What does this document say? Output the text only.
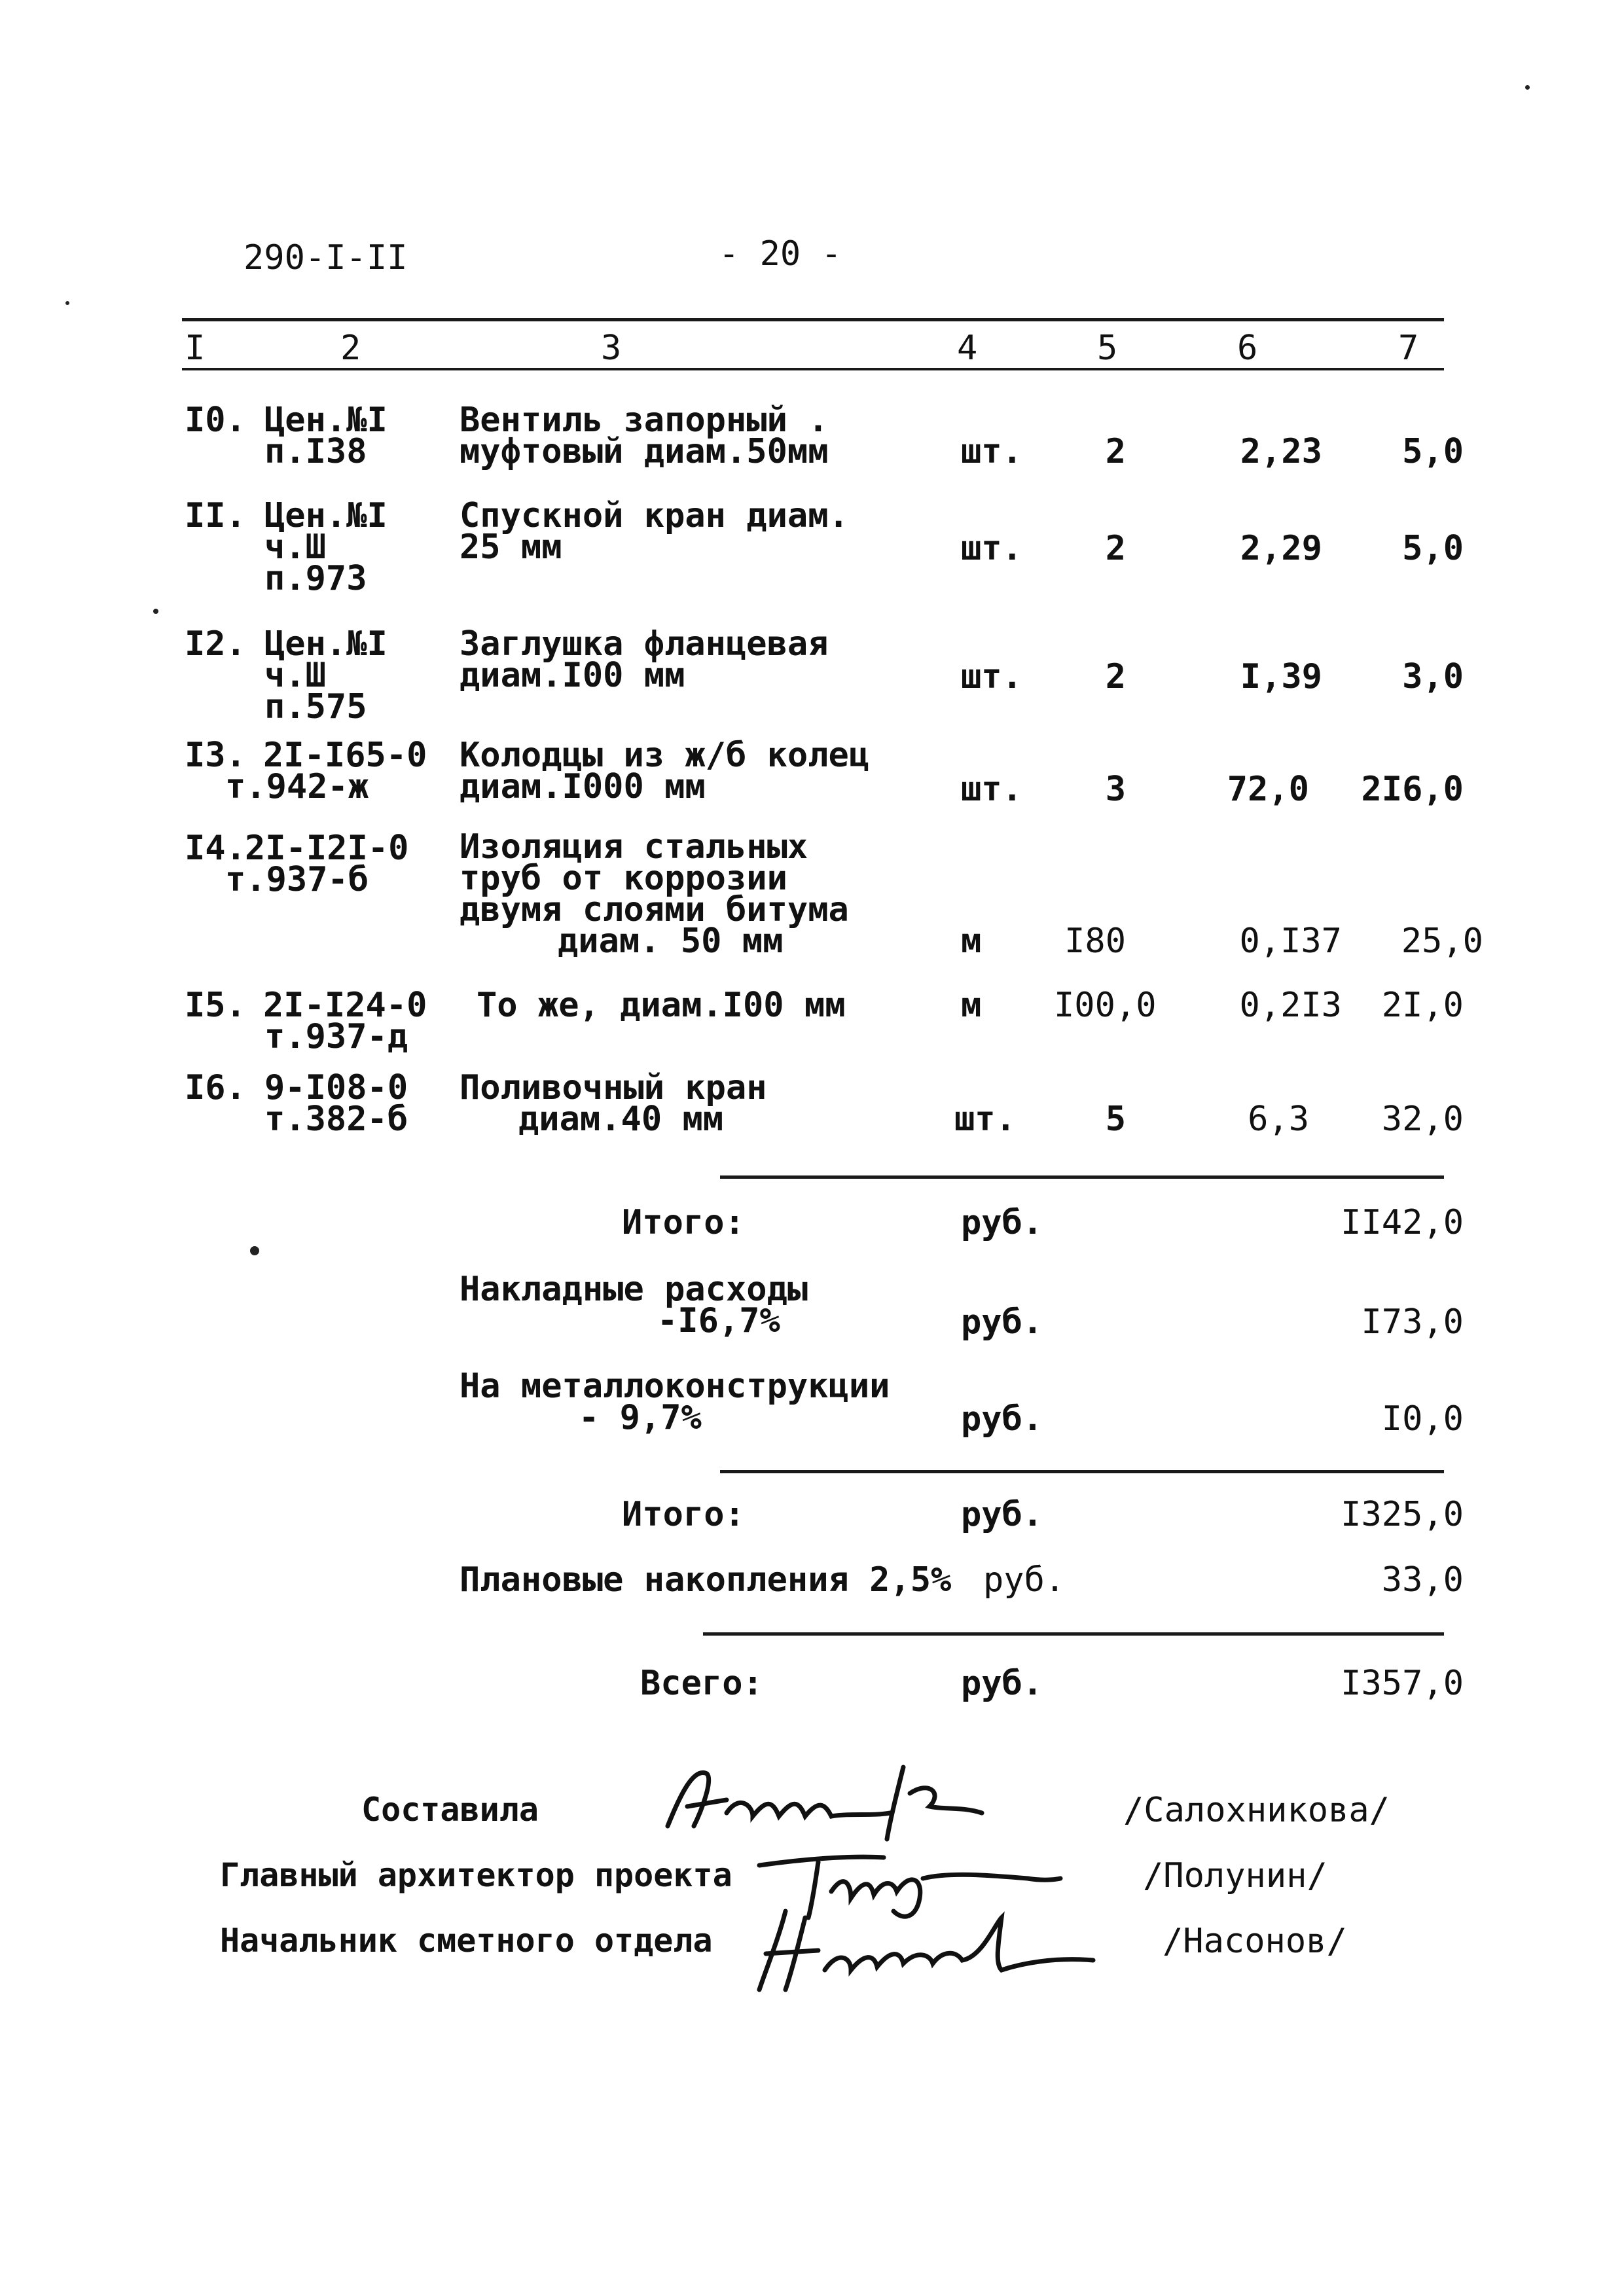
290-I-II	- 20 -
I	2	3	4	5	6	7
I0. Цен.№I
п.I38
Вентиль запорный .
муфтовый диам.50мм	шт.	2	2,23	5,0
II. Цен.№I
ч.Ш
п.973
Спускной кран диам.
25 мм	шт.	2	2,29	5,0
I2. Цен.№I
ч.Ш
п.575
Заглушка фланцевая
диам.I00 мм	шт.	2	I,39	3,0
I3. 2I-I65-0
т.942-ж
Колодцы из ж/б колец
диам.I000 мм	шт.	3	72,0	2I6,0
I4.
2I-I2I-0
т.937-б
Изоляция стальных
труб от коррозии
двумя слоями битума
диам. 50 мм	м	I80	0,I37	25,0
I5. 2I-I24-0
т.937-д
То же, диам.I00 мм	м I00,0	0,2I3	2I,0
I6. 9-I08-0
т.382-б
Поливочный кран
диам.40 мм	шт.	5	6,3	32,0
Итого:	руб.	II42,0
Накладные расходы
-I6,7%	руб.	I73,0
На металлоконструкции
- 9,7%	руб.	I0,0
Итого:	руб.	I325,0
Плановые накопления 2,5% руб.	33,0
Всего:	руб.	I357,0
Составила	/Салохникова/
Главный архитектор проекта	/Полунин/
Начальник сметного отдела	/Насонов/
